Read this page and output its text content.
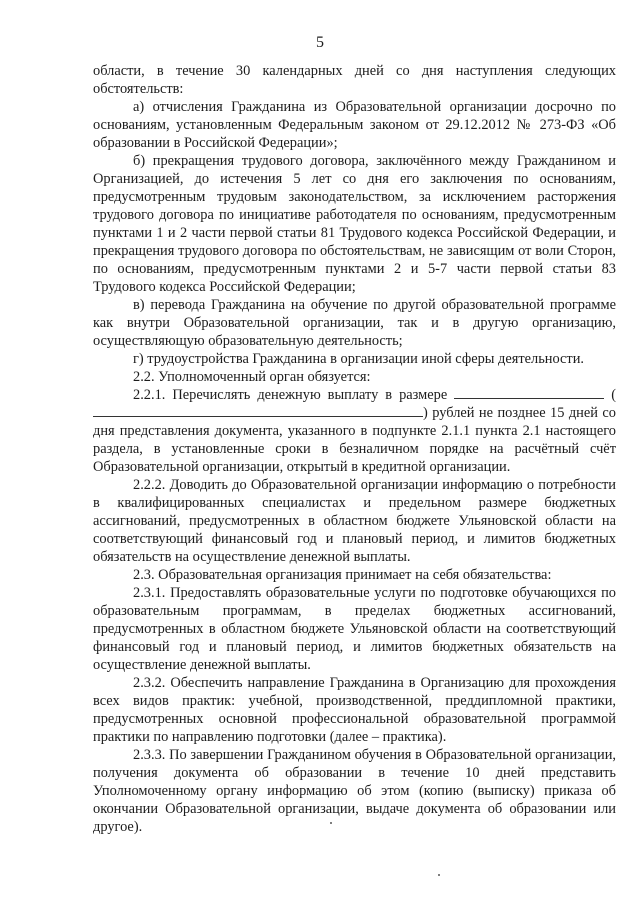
5

области, в течение 30 календарных дней со дня наступления следующих обстоятельств:

а) отчисления Гражданина из Образовательной организации досрочно по основаниям, установленным Федеральным законом от 29.12.2012 № 273-ФЗ «Об образовании в Российской Федерации»;

б) прекращения трудового договора, заключённого между Гражданином и Организацией, до истечения 5 лет со дня его заключения по основаниям, предусмотренным трудовым законодательством, за исключением расторжения трудового договора по инициативе работодателя по основаниям, предусмотренным пунктами 1 и 2 части первой статьи 81 Трудового кодекса Российской Федерации, и прекращения трудового договора по обстоятельствам, не зависящим от воли Сторон, по основаниям, предусмотренным пунктами 2 и 5-7 части первой статьи 83 Трудового кодекса Российской Федерации;

в) перевода Гражданина на обучение по другой образовательной программе как внутри Образовательной организации, так и в другую организацию, осуществляющую образовательную деятельность;

г) трудоустройства Гражданина в организации иной сферы деятельности.

2.2. Уполномоченный орган обязуется:

2.2.1. Перечислять денежную выплату в размере	() рублей не позднее 15 дней со дня представления документа, указанного в подпункте 2.1.1 пункта 2.1 настоящего раздела, в установленные сроки в безналичном порядке на расчётный счёт Образовательной организации, открытый в кредитной организации.

2.2.2. Доводить до Образовательной организации информацию о потребности в квалифицированных специалистах и предельном размере бюджетных ассигнований, предусмотренных в областном бюджете Ульяновской области на соответствующий финансовый год и плановый период, и лимитов бюджетных обязательств на осуществление денежной выплаты.

2.3. Образовательная организация принимает на себя обязательства:

2.3.1. Предоставлять образовательные услуги по подготовке обучающихся по образовательным программам, в пределах бюджетных ассигнований, предусмотренных в областном бюджете Ульяновской области на соответствующий финансовый год и плановый период, и лимитов бюджетных обязательств на осуществление денежной выплаты.

2.3.2. Обеспечить направление Гражданина в Организацию для прохождения всех видов практик: учебной, производственной, преддипломной практики, предусмотренных основной профессиональной образовательной программой практики по направлению подготовки (далее – практика).

2.3.3. По завершении Гражданином обучения в Образовательной организации, получения документа об образовании в течение 10 дней представить Уполномоченному органу информацию об этом (копию (выписку) приказа об окончании Образовательной организации, выдаче документа об образовании или другое).
